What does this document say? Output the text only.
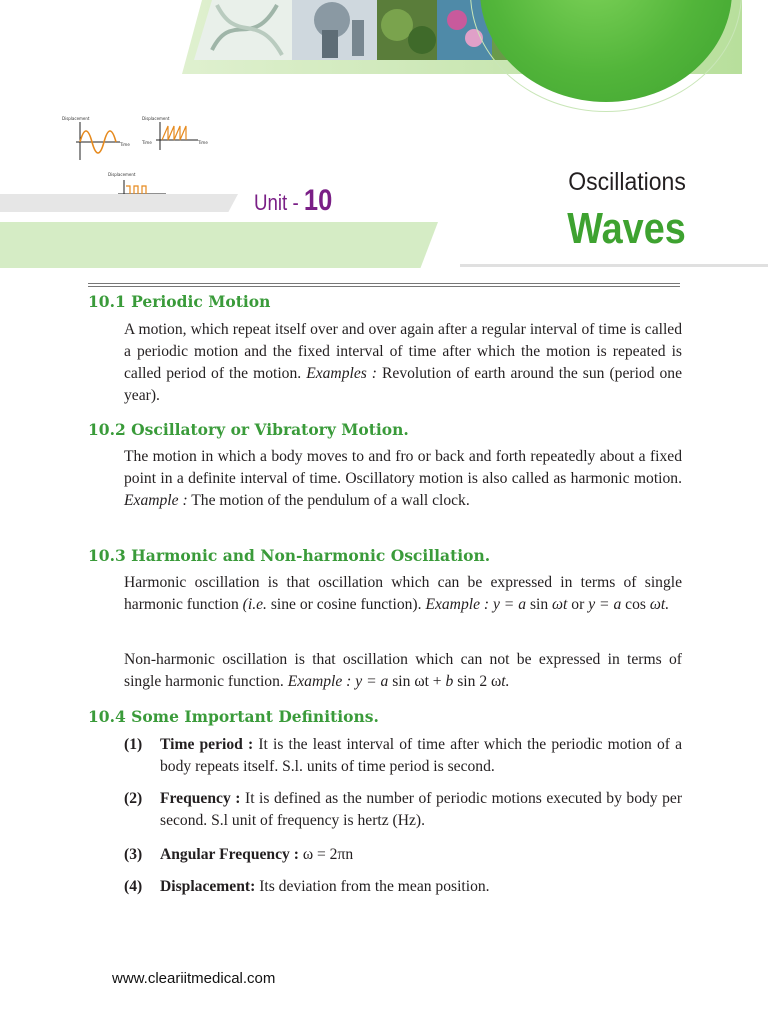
Displacement	Displacement
Displacement
Time	Time
Time
Unit - 10
Oscillations
Waves
10.1 Periodic Motion
A motion, which repeat itself over and over again after a regular interval of time is called a periodic motion and the fixed interval of time after which the motion is repeated is called period of the motion. Examples : Revolution of earth around the sun (period one year).
10.2 Oscillatory or Vibratory Motion.
The motion in which a body moves to and fro or back and forth repeatedly about a fixed point in a definite interval of time. Oscillatory motion is also called as harmonic motion. Example : The motion of the pendulum of a wall clock.
10.3 Harmonic and Non-harmonic Oscillation.
Harmonic oscillation is that oscillation which can be expressed in terms of single harmonic function (i.e. sine or cosine function). Example : y = a sin ωt or y = a cos ωt.
Non-harmonic oscillation is that oscillation which can not be expressed in terms of single harmonic function. Example : y = a sin ωt + b sin 2 ωt.
10.4 Some Important Definitions.
(1) Time period : It is the least interval of time after which the periodic motion of a body repeats itself. S.l. units of time period is second.
(2) Frequency : It is defined as the number of periodic motions executed by body per second. S.l unit of frequency is hertz (Hz).
(3) Angular Frequency : ω = 2πn
(4) Displacement: Its deviation from the mean position.
www.cleariitmedical.com
